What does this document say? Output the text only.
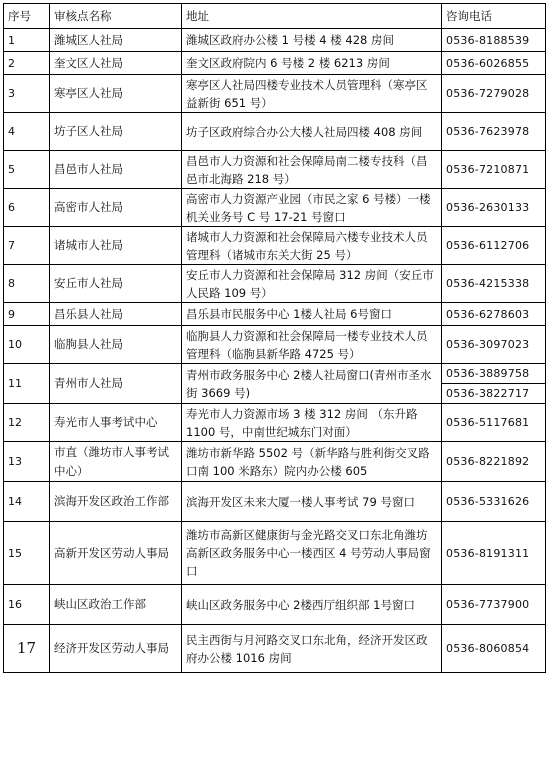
序号	审核点名称	地址	咨询电话
1	潍城区人社局	潍城区政府办公楼 1 号楼 4 楼 428 房间	0536-8188539
2	奎文区人社局	奎文区政府院内 6 号楼 2 楼 6213 房间	0536-6026855
3	寒亭区人社局	寒亭区人社局四楼专业技术人员管理科（寒亭区益新街 651 号）	0536-7279028
4	坊子区人社局	坊子区政府综合办公大楼人社局四楼 408 房间	0536-7623978
5	昌邑市人社局	昌邑市人力资源和社会保障局南二楼专技科（昌邑市北海路 218 号）	0536-7210871
6	高密市人社局	高密市人力资源产业园（市民之家 6 号楼）一楼机关业务号 C 号 17-21 号窗口	0536-2630133
7	诸城市人社局	诸城市人力资源和社会保障局六楼专业技术人员管理科（诸城市东关大街 25 号）	0536-6112706
8	安丘市人社局	安丘市人力资源和社会保障局 312 房间（安丘市人民路 109 号）	0536-4215338
9	昌乐县人社局	昌乐县市民服务中心 1楼人社局 6号窗口	0536-6278603
10	临朐县人社局	临朐县人力资源和社会保障局一楼专业技术人员管理科（临朐县新华路 4725 号）	0536-3097023
11	青州市人社局	青州市政务服务中心 2楼人社局窗口(青州市圣水街 3669 号)	0536-3889758
			0536-3822717
12	寿光市人事考试中心	寿光市人力资源市场 3 楼 312 房间 （东升路 1100 号，中南世纪城东门对面）	0536-5117681
13	市直（潍坊市人事考试中心）	潍坊市新华路 5502 号（新华路与胜利街交叉路口南 100 米路东）院内办公楼 605	0536-8221892
14	滨海开发区政治工作部	滨海开发区未来大厦一楼人事考试 79 号窗口	0536-5331626
15	高新开发区劳动人事局	潍坊市高新区健康街与金光路交叉口东北角潍坊高新区政务服务中心一楼西区 4 号劳动人事局窗口	0536-8191311
16	峡山区政治工作部	峡山区政务服务中心 2楼西厅组织部 1号窗口	0536-7737900
17	经济开发区劳动人事局	民主西街与月河路交叉口东北角，经济开发区政府办公楼 1016 房间	0536-8060854
